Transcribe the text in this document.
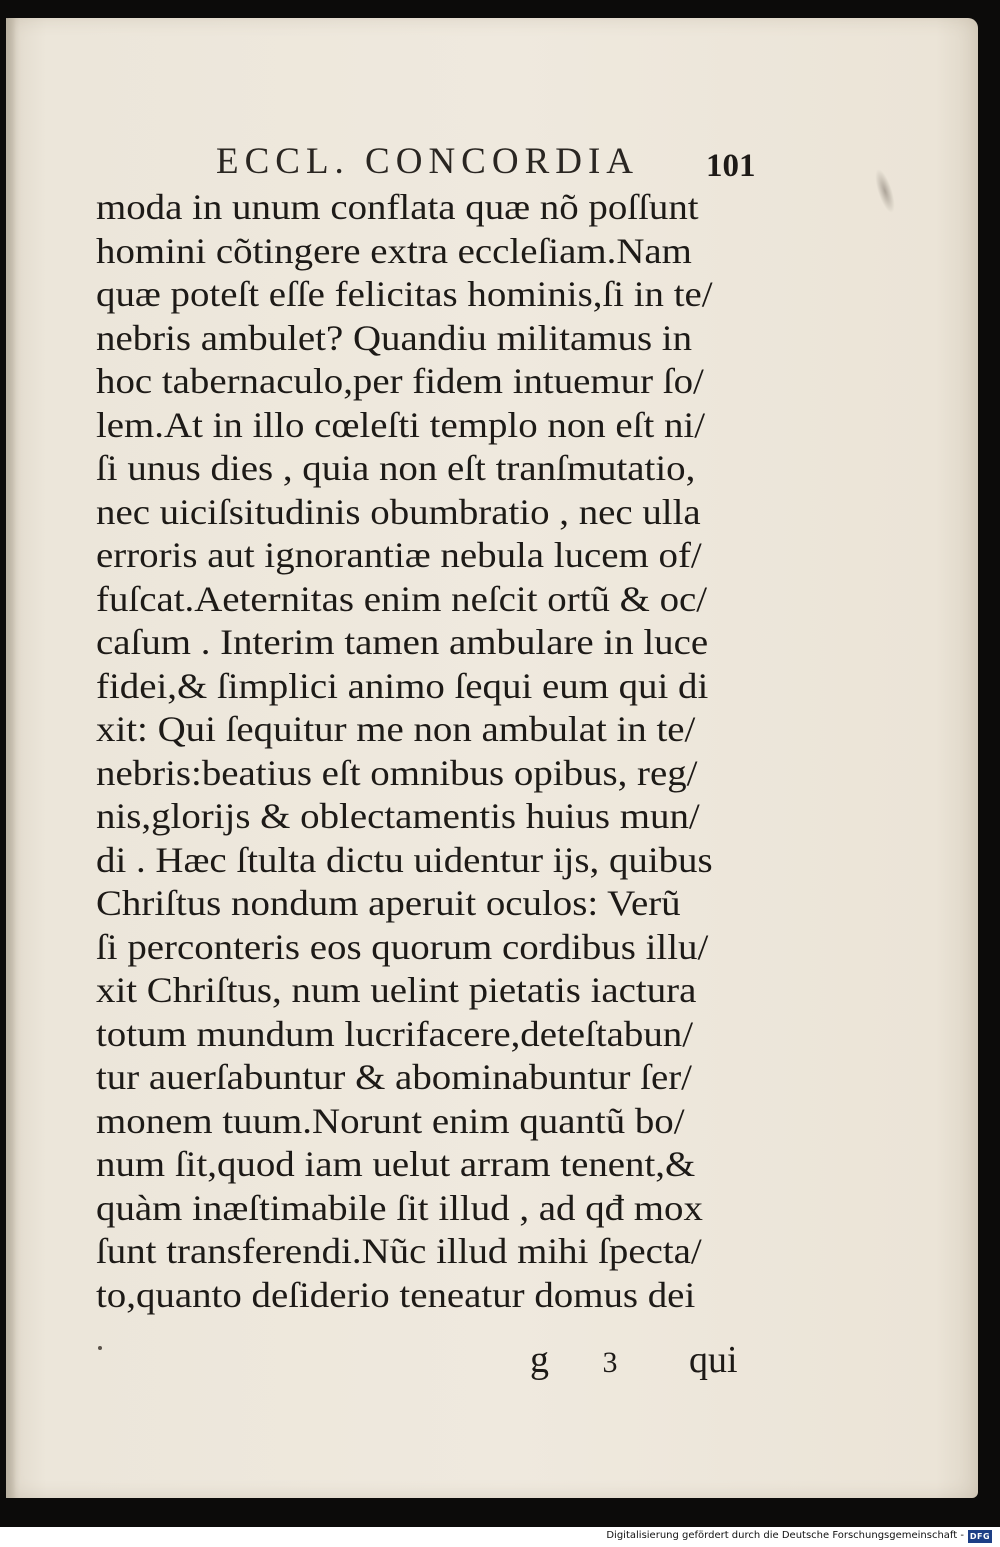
ECCL. CONCORDIA 101
moda in unum conflata quæ nõ poſſunt
homini cõtingere extra eccleſiam.Nam
quæ poteſt eſſe felicitas hominis,ſi in te/
nebris ambulet? Quandiu militamus in
hoc tabernaculo,per fidem intuemur ſo/
lem.At in illo cœleſti templo non eſt ni/
ſi unus dies , quia non eſt tranſmutatio,
nec uiciſsitudinis obumbratio , nec ulla
erroris aut ignorantiæ nebula lucem of/
fuſcat.Aeternitas enim neſcit ortũ & oc/
caſum . Interim tamen ambulare in luce
fidei,& ſimplici animo ſequi eum qui di
xit: Qui ſequitur me non ambulat in te/
nebris:beatius eſt omnibus opibus, reg/
nis,glorijs & oblectamentis huius mun/
di . Hæc ſtulta dictu uidentur ijs, quibus
Chriſtus nondum aperuit oculos: Verũ
ſi perconteris eos quorum cordibus illu/
xit Chriſtus, num uelint pietatis iactura
totum mundum lucrifacere,deteſtabun/
tur auerſabuntur & abominabuntur ſer/
monem tuum.Norunt enim quantũ bo/
num ſit,quod iam uelut arram tenent,&
quàm inæſtimabile ſit illud , ad qđ mox
ſunt transferendi.Nũc illud mihi ſpecta/
to,quanto deſiderio teneatur domus dei
g 3 qui
Digitalisierung gefördert durch die Deutsche Forschungsgemeinschaft - DFG
